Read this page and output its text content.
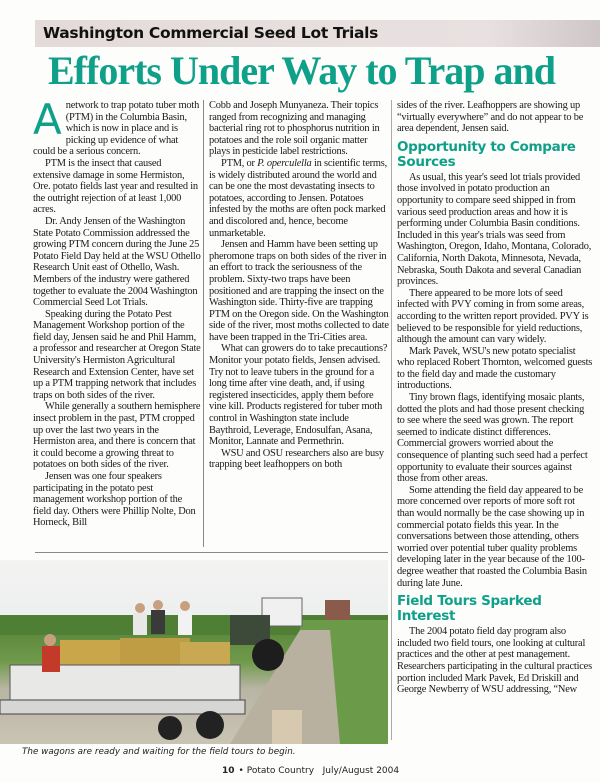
Washington Commercial Seed Lot Trials
Efforts Under Way to Trap and

Anetwork to trap potato tuber moth (PTM) in the Columbia Basin, which is now in place and is picking up evidence of what could be a serious concern.

PTM is the insect that caused extensive damage in some Hermiston, Ore. potato fields last year and resulted in the outright rejection of at least 1,000 acres.

Dr. Andy Jensen of the Washington State Potato Commission addressed the growing PTM concern during the June 25 Potato Field Day held at the WSU Othello Research Unit east of Othello, Wash. Members of the industry were gathered together to evaluate the 2004 Washington Commercial Seed Lot Trials.

Speaking during the Potato Pest Management Workshop portion of the field day, Jensen said he and Phil Hamm, a professor and researcher at Oregon State University's Hermiston Agricultural Research and Extension Center, have set up a PTM trapping network that includes traps on both sides of the river.

While generally a southern hemisphere insect problem in the past, PTM cropped up over the last two years in the Hermiston area, and there is concern that it could become a growing threat to potatoes on both sides of the river.

Jensen was one four speakers participating in the potato pest management workshop portion of the field day. Others were Phillip Nolte, Don Horneck, Bill

Cobb and Joseph Munyaneza. Their topics ranged from recognizing and managing bacterial ring rot to phosphorus nutrition in potatoes and the role soil organic matter plays in pesticide label restrictions.

PTM, or P. operculella in scientific terms, is widely distributed around the world and can be one the most devastating insects to potatoes, according to Jensen. Potatoes infested by the moths are often pock marked and discolored and, hence, become unmarketable.

Jensen and Hamm have been setting up pheromone traps on both sides of the river in an effort to track the seriousness of the problem. Sixty-two traps have been positioned and are trapping the insect on the Washington side. Thirty-five are trapping PTM on the Oregon side. On the Washington side of the river, most moths collected to date have been trapped in the Tri-Cities area.

What can growers do to take precautions? Monitor your potato fields, Jensen advised. Try not to leave tubers in the ground for a long time after vine death, and, if using registered insecticides, apply them before vine kill. Products registered for tuber moth control in Washington state include Baythroid, Leverage, Endosulfan, Asana, Monitor, Lannate and Permethrin.

WSU and OSU researchers also are busy trapping beet leafhoppers on both

sides of the river. Leafhoppers are showing up “virtually everywhere” and do not appear to be area dependent, Jensen said.

Opportunity to Compare Sources

As usual, this year's seed lot trials provided those involved in potato production an opportunity to compare seed shipped in from various seed production areas and how it is performing under Columbia Basin conditions. Included in this year's trials was seed from Washington, Oregon, Idaho, Montana, Colorado, California, North Dakota, Minnesota, Nevada, Nebraska, South Dakota and several Canadian provinces.

There appeared to be more lots of seed infected with PVY coming in from some areas, according to the written report provided. PVY is believed to be responsible for yield reductions, although the amount can vary widely.

Mark Pavek, WSU's new potato specialist who replaced Robert Thornton, welcomed guests to the field day and made the customary introductions.

Tiny brown flags, identifying mosaic plants, dotted the plots and had those present checking to see where the seed was grown. The report seemed to indicate distinct differences. Commercial growers worried about the consequence of planting such seed had a perfect opportunity to evaluate their sources against those from other areas.

Some attending the field day appeared to be more concerned over reports of more soft rot than would normally be the case showing up in commercial potato fields this year. In the conversations between those attending, others worried over potential tuber quality problems developing later in the year because of the 100-degree weather that roasted the Columbia Basin during late June.

Field Tours Sparked Interest

The 2004 potato field day program also included two field tours, one looking at cultural practices and the other at pest management. Researchers participating in the cultural practices portion included Mark Pavek, Ed Driskill and George Newberry of WSU addressing, “New

The wagons are ready and waiting for the field tours to begin.
10 • Potato Country July/August 2004
